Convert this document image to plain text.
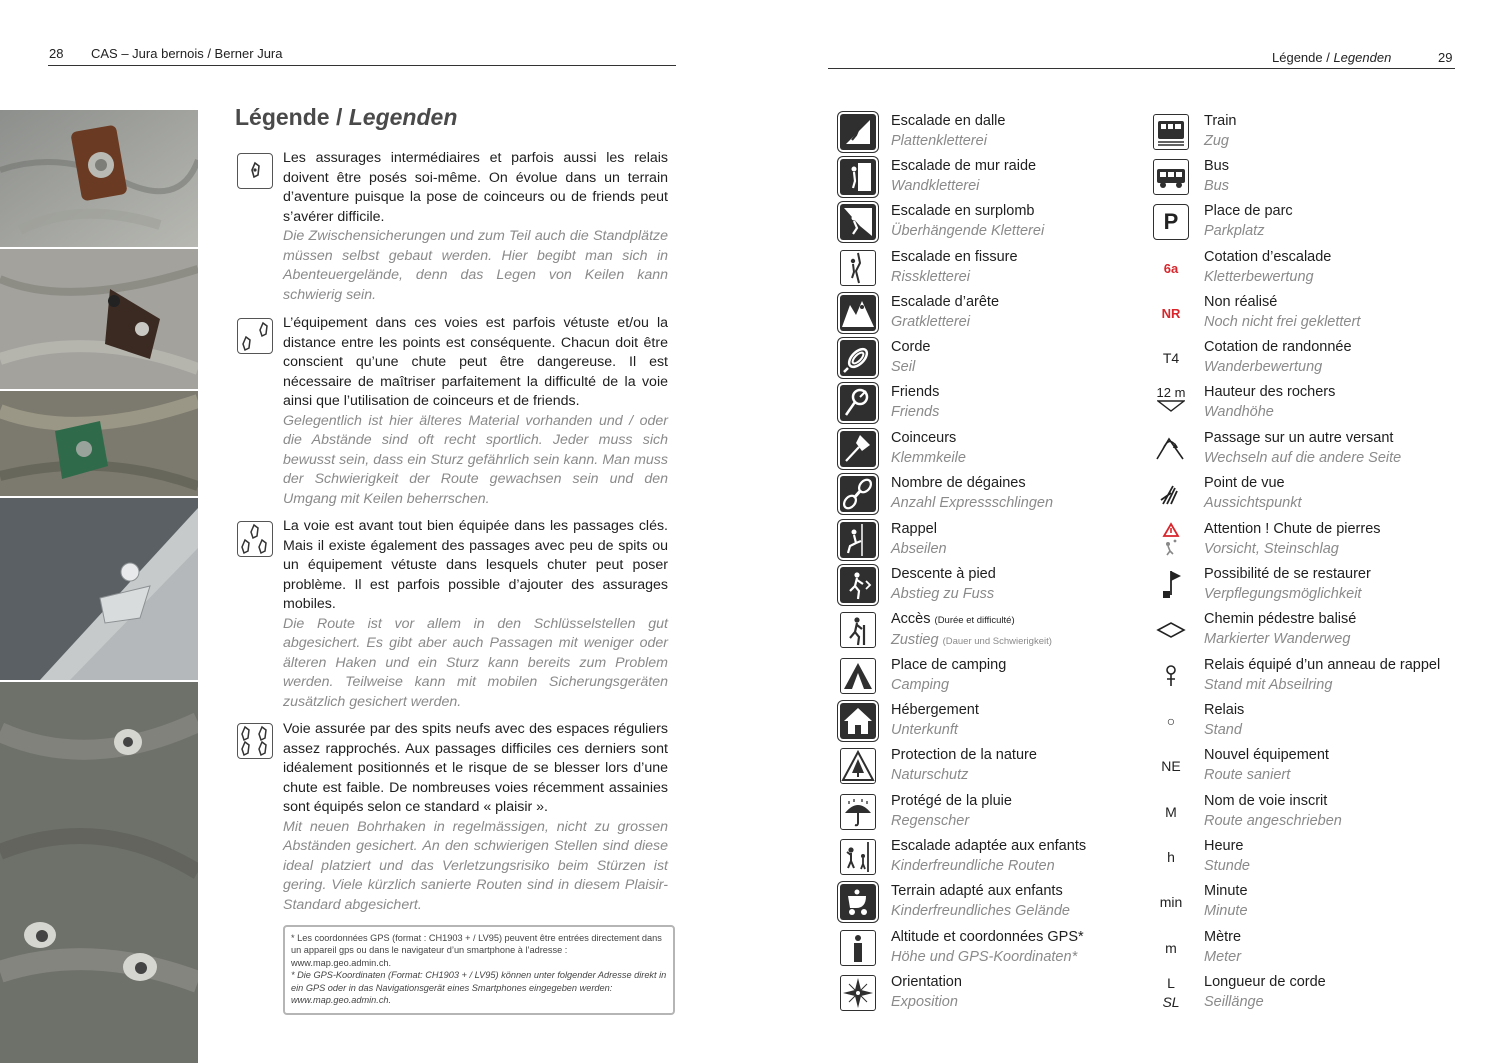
28 CAS – Jura bernois / Berner Jura
Légende / Legenden
Les assurages intermédiaires et parfois aussi les relais doivent être posés soi-même. On évolue dans un terrain d’aventure puisque la pose de coinceurs ou de friends peut s’avérer difficile.
Die Zwischensicherungen und zum Teil auch die Standplätze müssen selbst gebaut werden. Hier begibt man sich in Abenteuergelände, denn das Legen von Keilen kann schwierig sein.
L’équipement dans ces voies est parfois vétuste et/ou la distance entre les points est conséquente. Chacun doit être conscient qu’une chute peut être dangereuse. Il est nécessaire de maîtriser parfaitement la difficulté de la voie ainsi que l’utilisation de coinceurs et de friends.
Gelegentlich ist hier älteres Material vorhanden und / oder die Abstände sind oft recht sportlich. Jeder muss sich bewusst sein, dass ein Sturz gefährlich sein kann. Man muss der Schwierigkeit der Route gewachsen sein und den Umgang mit Keilen beherrschen.
La voie est avant tout bien équipée dans les passages clés. Mais il existe également des passages avec peu de spits ou un équipement vétuste dans lesquels chuter peut poser problème. Il est parfois possible d’ajouter des assurages mobiles.
Die Route ist vor allem in den Schlüsselstellen gut abgesichert. Es gibt aber auch Passagen mit weniger oder älteren Haken und ein Sturz kann bereits zum Problem werden. Teilweise kann mit mobilen Sicherungsgeräten zusätzlich gesichert werden.
Voie assurée par des spits neufs avec des espaces réguliers assez rapprochés. Aux passages difficiles ces derniers sont idéalement positionnés et le risque de se blesser lors d’une chute est faible. De nombreuses voies récemment assainies sont équipés selon ce standard « plaisir ».
Mit neuen Bohrhaken in regelmässigen, nicht zu grossen Abständen gesichert. An den schwierigen Stellen sind diese ideal platziert und das Verletzungsrisiko beim Stürzen ist gering. Viele kürzlich sanierte Routen sind in diesem Plaisir-Standard abgesichert.
* Les coordonnées GPS (format : CH1903 + / LV95) peuvent être entrées directement dans un appareil gps ou dans le navigateur d’un smartphone à l’adresse : www.map.geo.admin.ch.
* Die GPS-Koordinaten (Format: CH1903 + / LV95) können unter folgender Adresse direkt in ein GPS oder in das Navigationsgerät eines Smartphones eingegeben werden: www.map.geo.admin.ch.
Légende / Legenden	29
Escalade en dalle
Plattenkletterei
Escalade de mur raide
Wandkletterei
Escalade en surplomb
Überhängende Kletterei
Escalade en fissure
Risskletterei
Escalade d’arête
Gratkletterei
Corde
Seil
Friends
Friends
Coinceurs
Klemmkeile
Nombre de dégaines
Anzahl Expressschlingen
Rappel
Abseilen
Descente à pied
Abstieg zu Fuss
Accès (Durée et difficulté)
Zustieg (Dauer und Schwierigkeit)
Place de camping
Camping
Hébergement
Unterkunft
Protection de la nature
Naturschutz
Protégé de la pluie
Regenscher
Escalade adaptée aux enfants
Kinderfreundliche Routen
Terrain adapté aux enfants
Kinderfreundliches Gelände
Altitude et coordonnées GPS*
Höhe und GPS-Koordinaten*
Orientation
Exposition
Train
Zug
Bus
Bus
P	Place de parc
Parkplatz
6a
Cotation d’escalade
Kletterbewertung
NR
Non réalisé
Noch nicht frei geklettert
T4
Cotation de randonnée
Wanderbewertung
12 m Hauteur des rochers
Wandhöhe
Passage sur un autre versant
Wechseln auf die andere Seite
Point de vue
Aussichtspunkt
Attention ! Chute de pierres
Vorsicht, Steinschlag
Possibilité de se restaurer
Verpflegungsmöglichkeit
Chemin pédestre balisé
Markierter Wanderweg
Relais équipé d’un anneau de rappel
Stand mit Abseilring
○
Relais
Stand
NE
Nouvel équipement
Route saniert
M
Nom de voie inscrit
Route angeschrieben
h
Heure
Stunde
min
Minute
Minute
m
Mètre
Meter
L
SL
Longueur de corde
Seillänge
